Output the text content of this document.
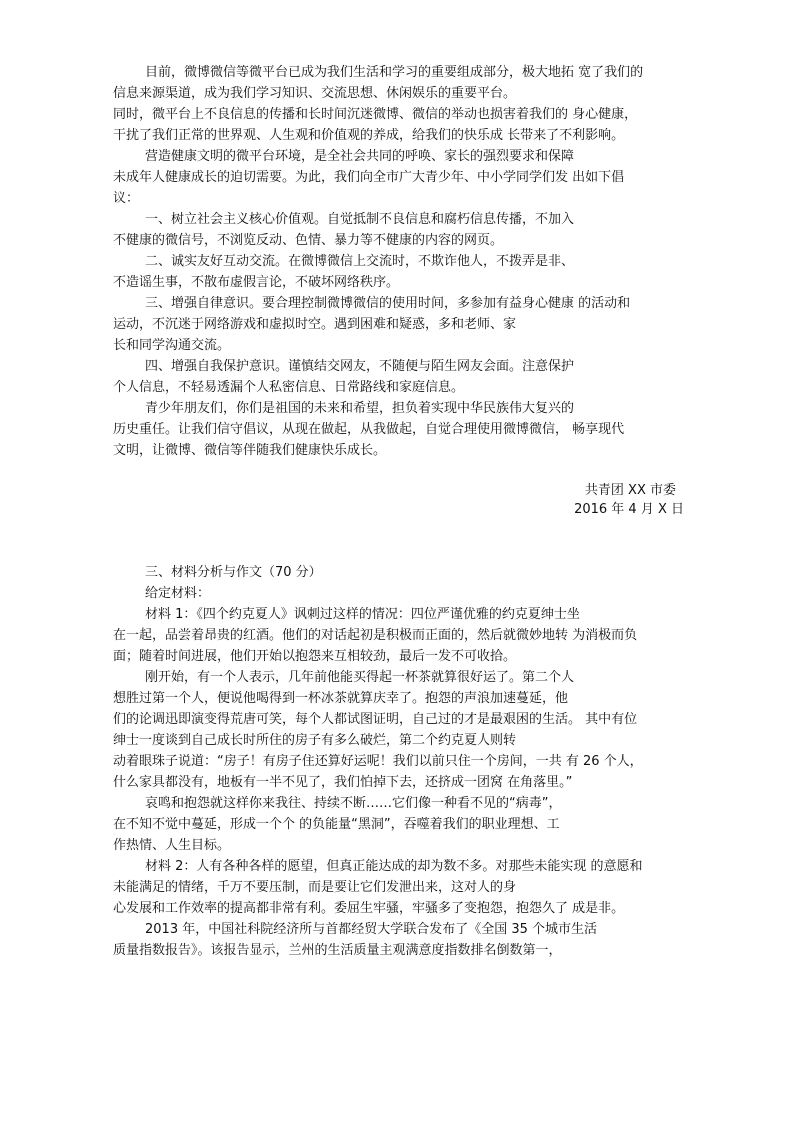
目前，微博微信等微平台已成为我们生活和学习的重要组成部分，极大地拓 宽了我们的

信息来源渠道，成为我们学习知识、交流思想、休闲娱乐的重要平台。

同时，微平台上不良信息的传播和长时间沉迷微博、微信的举动也损害着我们的 身心健康，

干扰了我们正常的世界观、人生观和价值观的养成，给我们的快乐成 长带来了不利影响。

营造健康文明的微平台环境，是全社会共同的呼唤、家长的强烈要求和保障

未成年人健康成长的迫切需要。为此，我们向全市广大青少年、中小学同学们发 出如下倡

议：

一、树立社会主义核心价值观。自觉抵制不良信息和腐朽信息传播，不加入

不健康的微信号，不浏览反动、色情、暴力等不健康的内容的网页。

二、诚实友好互动交流。在微博微信上交流时，不欺诈他人，不拨弄是非、

不造谣生事，不散布虚假言论，不破坏网络秩序。

三、增强自律意识。要合理控制微博微信的使用时间，多参加有益身心健康 的活动和

运动，不沉迷于网络游戏和虚拟时空。遇到困难和疑惑，多和老师、家

长和同学沟通交流。

四、增强自我保护意识。谨慎结交网友，不随便与陌生网友会面。注意保护

个人信息，不轻易透漏个人私密信息、日常路线和家庭信息。

青少年朋友们，你们是祖国的未来和希望，担负着实现中华民族伟大复兴的

历史重任。让我们信守倡议，从现在做起，从我做起，自觉合理使用微博微信， 畅享现代

文明，让微博、微信等伴随我们健康快乐成长。

共青团 XX 市委

2016 年 4 月 X 日

三、材料分析与作文（70 分）

给定材料：

材料 1：《四个约克夏人》讽刺过这样的情况：四位严谨优雅的约克夏绅士坐

在一起，品尝着昂贵的红酒。他们的对话起初是积极而正面的，然后就微妙地转 为消极而负

面；随着时间进展，他们开始以抱怨来互相较劲，最后一发不可收拾。

刚开始，有一个人表示，几年前他能买得起一杯茶就算很好运了。第二个人

想胜过第一个人，便说他喝得到一杯冰茶就算庆幸了。抱怨的声浪加速蔓延，他

们的论调迅即演变得荒唐可笑，每个人都试图证明，自己过的才是最艰困的生活。 其中有位

绅士一度谈到自己成长时所住的房子有多么破烂，第二个约克夏人则转

动着眼珠子说道：“房子！有房子住还算好运呢！我们以前只住一个房间，一共 有 26 个人，

什么家具都没有，地板有一半不见了，我们怕掉下去，还挤成一团窝 在角落里。”

哀鸣和抱怨就这样你来我往、持续不断……它们像一种看不见的“病毒”，

在不知不觉中蔓延，形成一个个 的负能量“黑洞”，吞噬着我们的职业理想、工

作热情、人生目标。

材料 2：人有各种各样的愿望，但真正能达成的却为数不多。对那些未能实现 的意愿和

未能满足的情绪，千万不要压制，而是要让它们发泄出来，这对人的身

心发展和工作效率的提高都非常有利。委屈生牢骚，牢骚多了变抱怨，抱怨久了 成是非。

2013 年，中国社科院经济所与首都经贸大学联合发布了《全国 35 个城市生活

质量指数报告》。该报告显示，兰州的生活质量主观满意度指数排名倒数第一，
